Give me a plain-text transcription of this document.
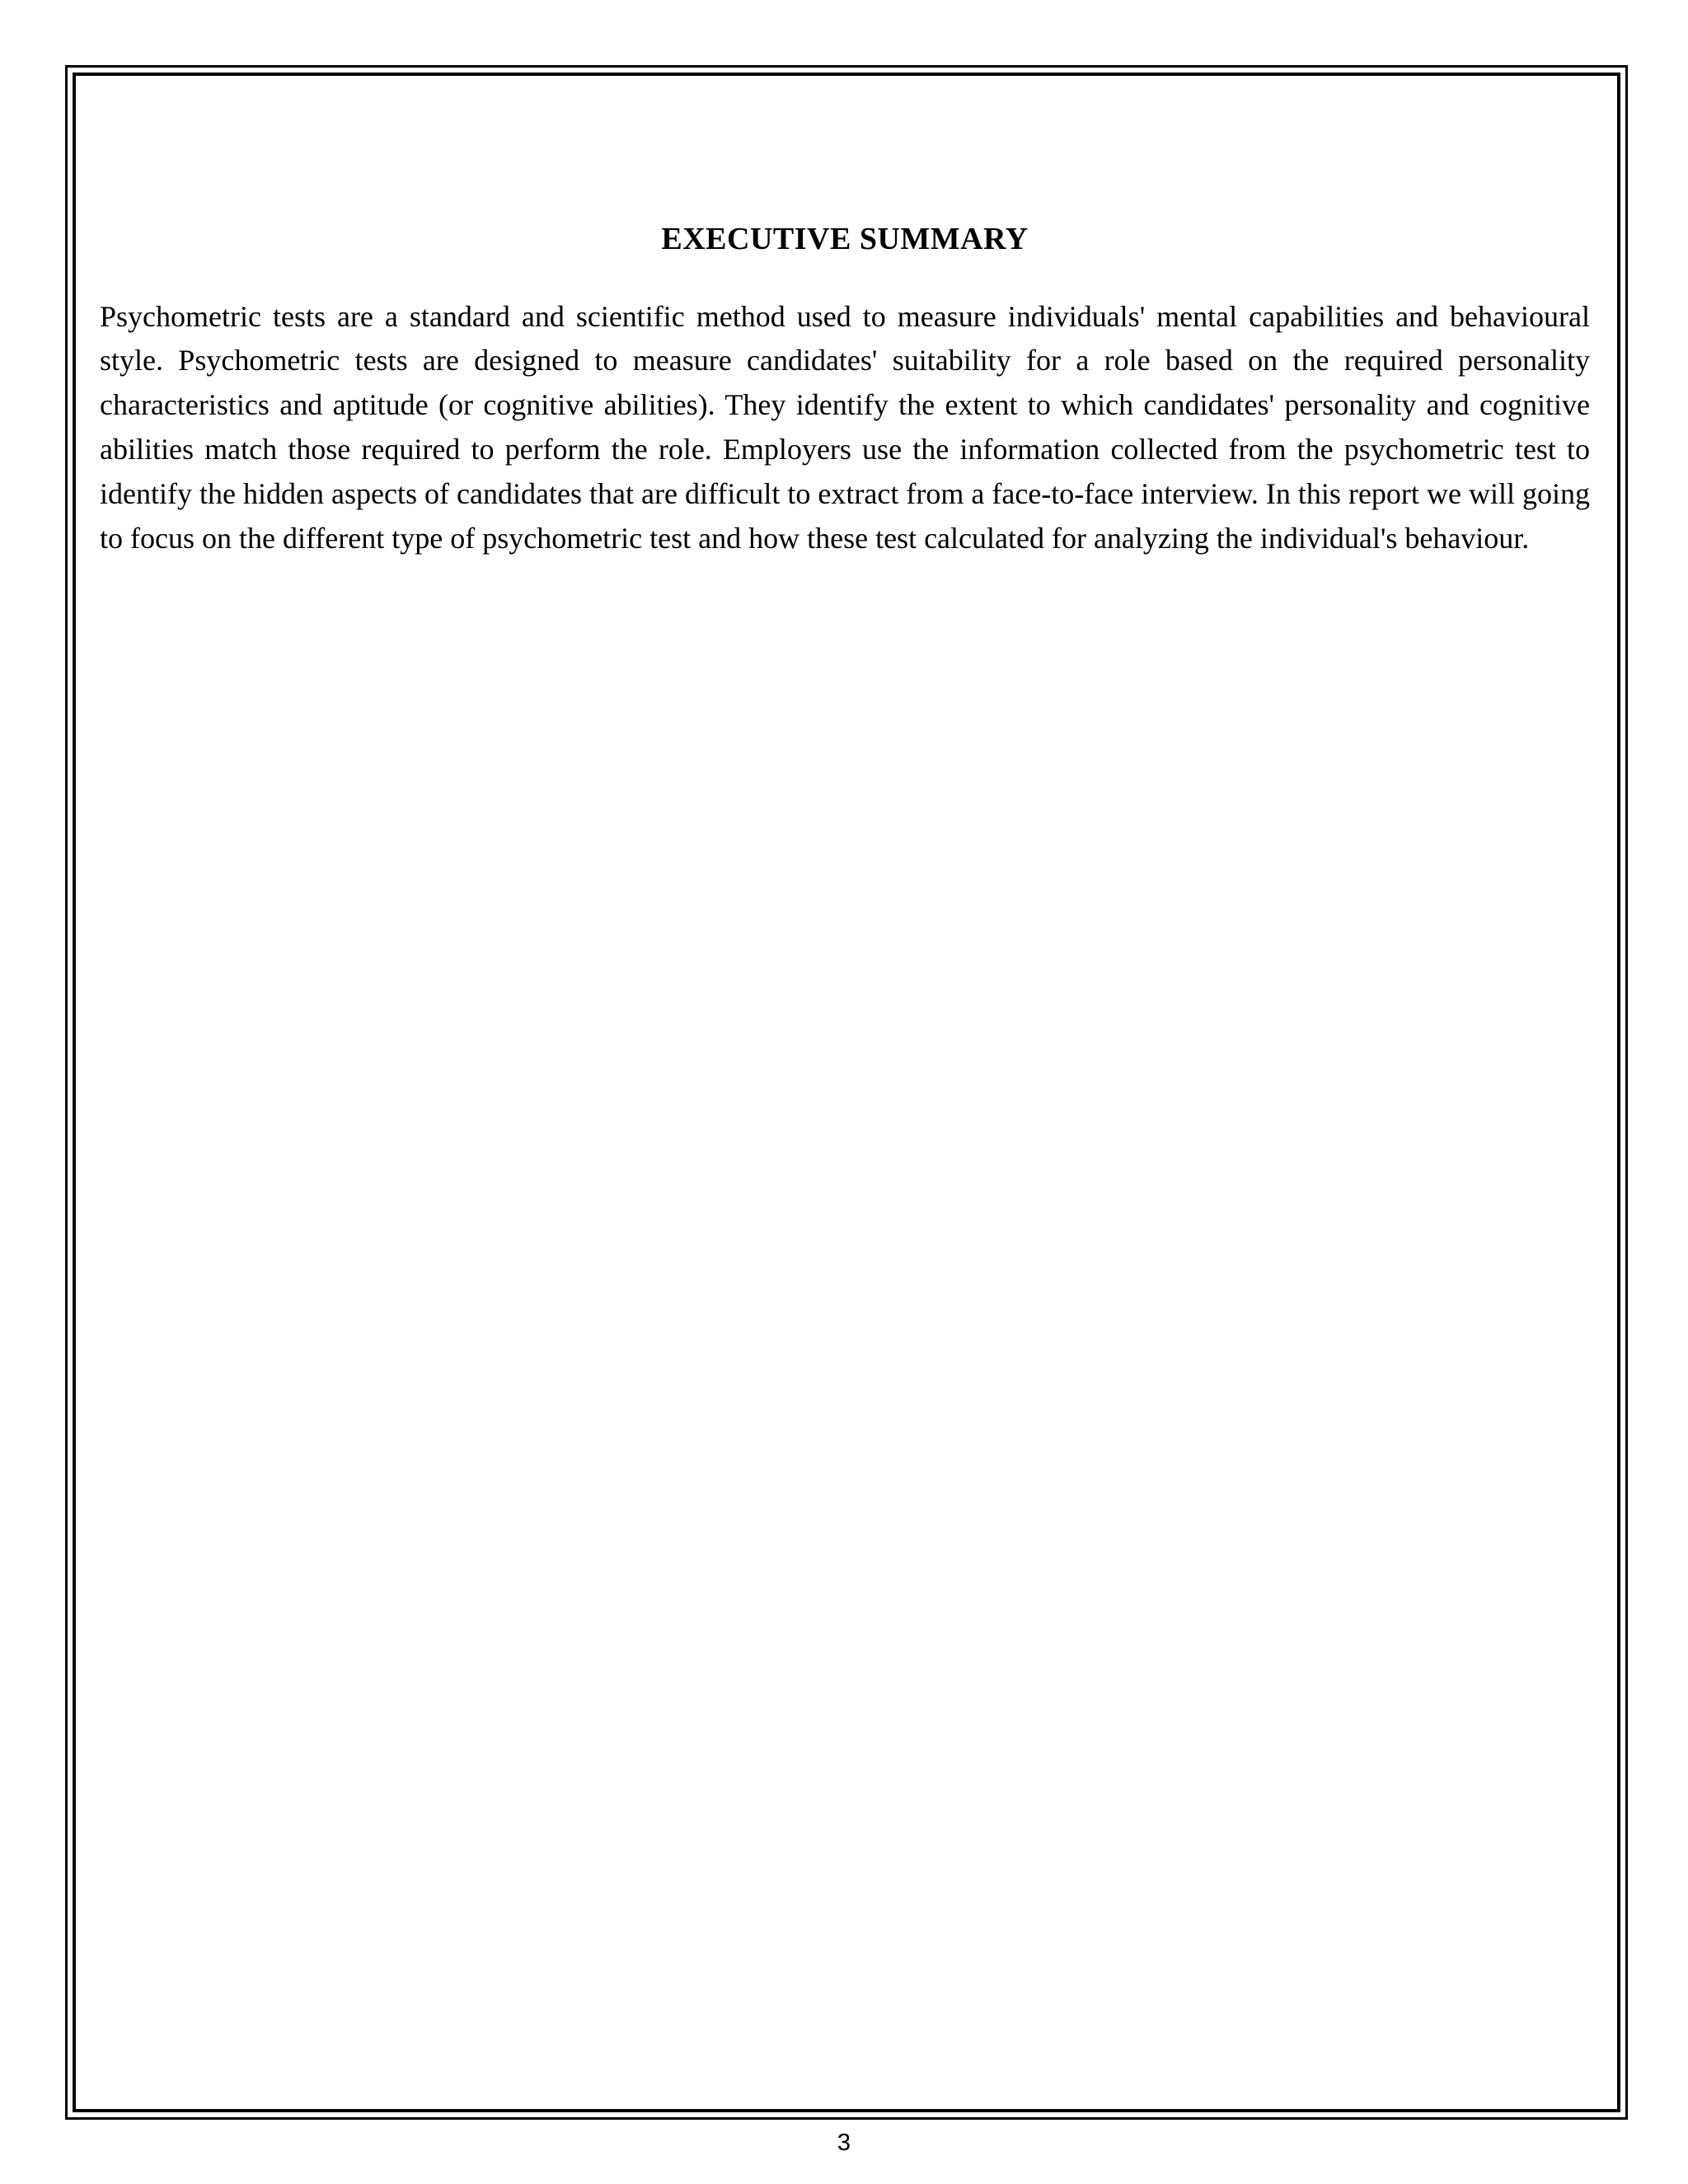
EXECUTIVE SUMMARY

Psychometric tests are a standard and scientific method used to measure individuals' mental capabilities and behavioural style. Psychometric tests are designed to measure candidates' suitability for a role based on the required personality characteristics and aptitude (or cognitive abilities). They identify the extent to which candidates' personality and cognitive abilities match those required to perform the role. Employers use the information collected from the psychometric test to identify the hidden aspects of candidates that are difficult to extract from a face-to-face interview. In this report we will going to focus on the different type of psychometric test and how these test calculated for analyzing the individual's behaviour.

3
